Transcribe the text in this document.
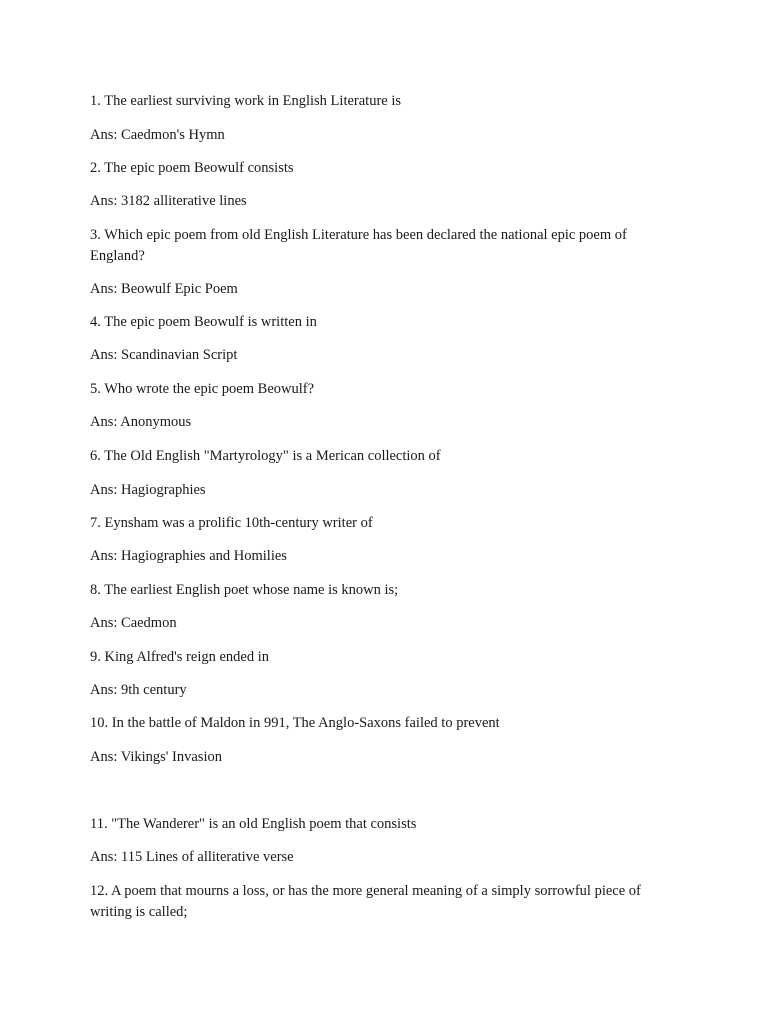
1. The earliest surviving work in English Literature is

Ans: Caedmon's Hymn

2. The epic poem Beowulf consists

Ans: 3182 alliterative lines

3. Which epic poem from old English Literature has been declared the national epic poem of England?

Ans: Beowulf Epic Poem

4. The epic poem Beowulf is written in

Ans: Scandinavian Script

5. Who wrote the epic poem Beowulf?

Ans: Anonymous

6. The Old English "Martyrology" is a Merican collection of

Ans: Hagiographies

7. Eynsham was a prolific 10th-century writer of

Ans: Hagiographies and Homilies

8. The earliest English poet whose name is known is;

Ans: Caedmon

9. King Alfred's reign ended in

Ans: 9th century

10. In the battle of Maldon in 991, The Anglo-Saxons failed to prevent

Ans: Vikings' Invasion

11. "The Wanderer" is an old English poem that consists

Ans: 115 Lines of alliterative verse

12. A poem that mourns a loss, or has the more general meaning of a simply sorrowful piece of writing is called;
